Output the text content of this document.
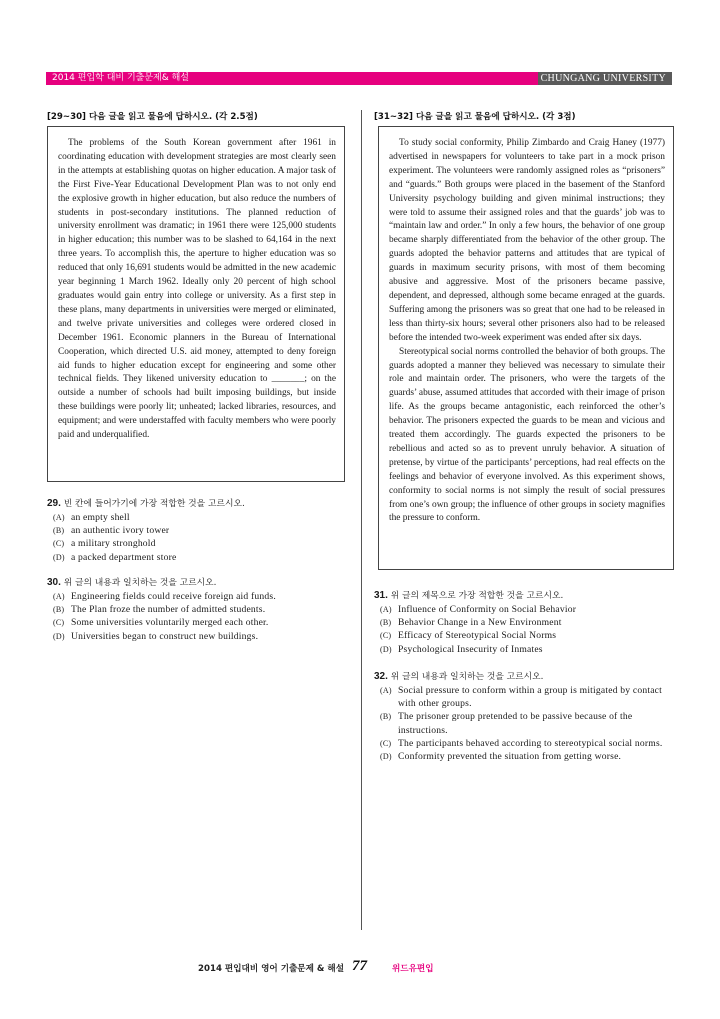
2014 편입학 대비 기출문제& 해설	CHUNGANG UNIVERSITY
[29~30] 다음 글을 읽고 물음에 답하시오. (각 2.5점)

The problems of the South Korean government after 1961 in coordinating education with development strategies are most clearly seen in the attempts at establishing quotas on higher education. A major task of the First Five-Year Educational Development Plan was to not only end the explosive growth in higher education, but also reduce the numbers of students in post-secondary institutions. The planned reduction of university enrollment was dramatic; in 1961 there were 125,000 students in higher education; this number was to be slashed to 64,164 in the next three years. To accomplish this, the aperture to higher education was so reduced that only 16,691 students would be admitted in the new academic year beginning 1 March 1962. Ideally only 20 percent of high school graduates would gain entry into college or university. As a first step in these plans, many departments in universities were merged or eliminated, and twelve private universities and colleges were ordered closed in December 1961. Economic planners in the Bureau of International Cooperation, which directed U.S. aid money, attempted to deny foreign aid funds to higher education except for engineering and some other technical fields. They likened university education to _______; on the outside a number of schools had built imposing buildings, but inside these buildings were poorly lit; unheated; lacked libraries, resources, and equipment; and were understaffed with faculty members who were poorly paid and underqualified.

29. 빈 칸에 들어가기에 가장 적합한 것을 고르시오.
(A) an empty shell
(B) an authentic ivory tower
(C) a military stronghold
(D) a packed department store
30. 위 글의 내용과 일치하는 것을 고르시오.
(A) Engineering fields could receive foreign aid funds.
(B) The Plan froze the number of admitted students.
(C) Some universities voluntarily merged each other.
(D) Universities began to construct new buildings.
[31~32] 다음 글을 읽고 물음에 답하시오. (각 3점)

To study social conformity, Philip Zimbardo and Craig Haney (1977) advertised in newspapers for volunteers to take part in a mock prison experiment. The volunteers were randomly assigned roles as “prisoners” and “guards.” Both groups were placed in the basement of the Stanford University psychology building and given minimal instructions; they were told to assume their assigned roles and that the guards’ job was to “maintain law and order.” In only a few hours, the behavior of one group became sharply differentiated from the behavior of the other group. The guards adopted the behavior patterns and attitudes that are typical of guards in maximum security prisons, with most of them becoming abusive and aggressive. Most of the prisoners became passive, dependent, and depressed, although some became enraged at the guards. Suffering among the prisoners was so great that one had to be released in less than thirty-six hours; several other prisoners also had to be released before the intended two-week experiment was ended after six days.

Stereotypical social norms controlled the behavior of both groups. The guards adopted a manner they believed was necessary to simulate their role and maintain order. The prisoners, who were the targets of the guards’ abuse, assumed attitudes that accorded with their image of prison life. As the groups became antagonistic, each reinforced the other’s behavior. The prisoners expected the guards to be mean and vicious and treated them accordingly. The guards expected the prisoners to be rebellious and acted so as to prevent unruly behavior. A situation of pretense, by virtue of the participants’ perceptions, had real effects on the feelings and behavior of everyone involved. As this experiment shows, conformity to social norms is not simply the result of social pressures from one’s own group; the influence of other groups in society magnifies the pressure to conform.

31. 위 글의 제목으로 가장 적합한 것을 고르시오.
(A) Influence of Conformity on Social Behavior
(B) Behavior Change in a New Environment
(C) Efficacy of Stereotypical Social Norms
(D) Psychological Insecurity of Inmates
32. 위 글의 내용과 일치하는 것을 고르시오.
(A) Social pressure to conform within a group is mitigated by contact with other groups.
(B) The prisoner group pretended to be passive because of the instructions.
(C) The participants behaved according to stereotypical social norms.
(D) Conformity prevented the situation from getting worse.
2014 편입대비 영어 기출문제 & 해설 77	위드유편입
